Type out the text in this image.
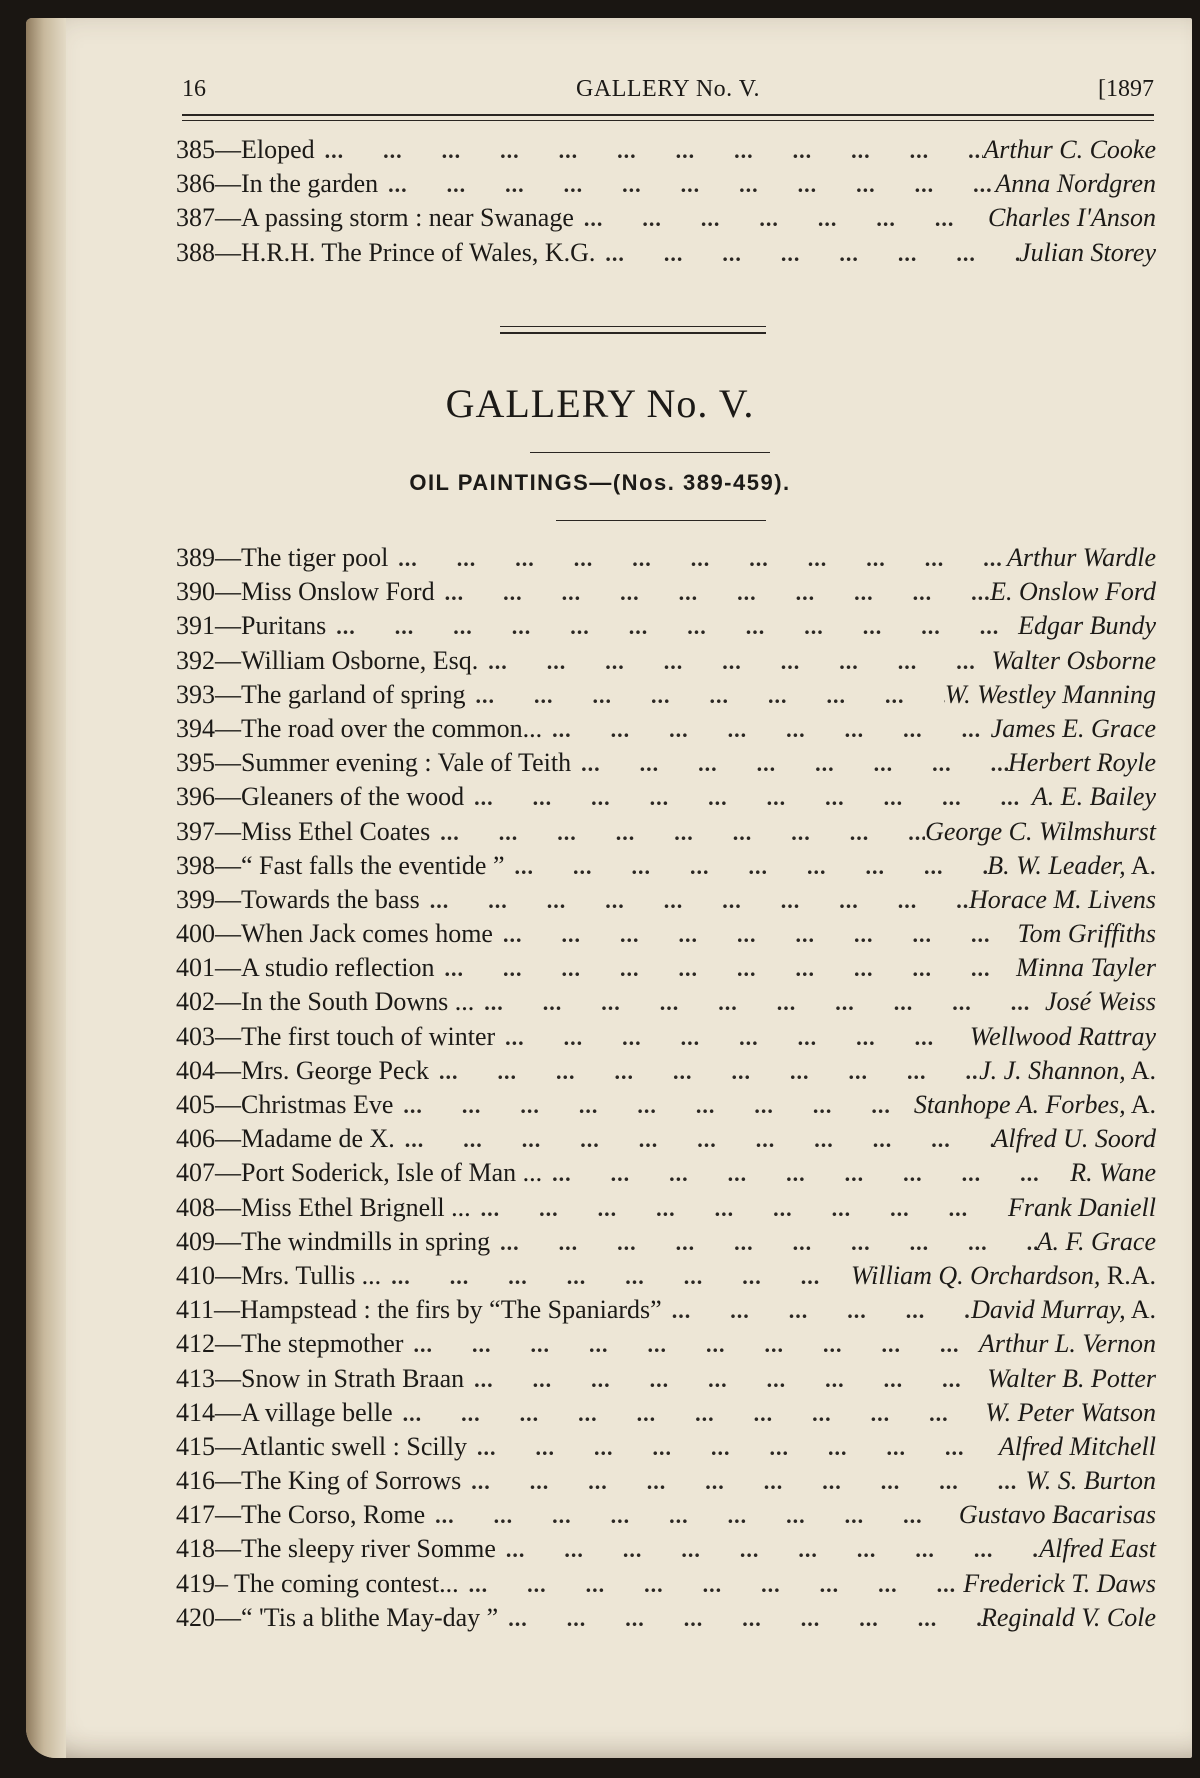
16	GALLERY No. V.	[1897
385 —Eloped ...	Arthur C. Cooke
386 —In the garden ...	Anna Nordgren
387 —A passing storm : near Swanage ...	Charles I'Anson
388 —H.R.H. The Prince of Wales, K.G. ...	Julian Storey
GALLERY No. V.
OIL PAINTINGS—(Nos. 389-459).
389 —The tiger pool ...	Arthur Wardle
390 —Miss Onslow Ford ...	E. Onslow Ford
391 —Puritans ...	Edgar Bundy
392 —William Osborne, Esq. ...	Walter Osborne
393 —The garland of spring ...	W. Westley Manning
394 —The road over the common... ...	James E. Grace
395 —Summer evening : Vale of Teith ...	Herbert Royle
396 —Gleaners of the wood ...	A. E. Bailey
397 —Miss Ethel Coates ...	George C. Wilmshurst
398 —“ Fast falls the eventide ” ...	B. W. Leader, A.
399 —Towards the bass ...	Horace M. Livens
400 —When Jack comes home ...	Tom Griffiths
401 —A studio reflection ...	Minna Tayler
402 —In the South Downs ... ...	José Weiss
403 —The first touch of winter ...	Wellwood Rattray
404 —Mrs. George Peck ...	J. J. Shannon, A.
405 —Christmas Eve ...	Stanhope A. Forbes, A.
406 —Madame de X. ...	Alfred U. Soord
407 —Port Soderick, Isle of Man ... ...	R. Wane
408 —Miss Ethel Brignell ... ...	Frank Daniell
409 —The windmills in spring ...	A. F. Grace
410 —Mrs. Tullis ... ...	William Q. Orchardson, R.A.
411 —Hampstead : the firs by “The Spaniards” ...	David Murray, A.
412 —The stepmother ...	Arthur L. Vernon
413 —Snow in Strath Braan ...	Walter B. Potter
414 —A village belle ...	W. Peter Watson
415 —Atlantic swell : Scilly ...	Alfred Mitchell
416 —The King of Sorrows ...	W. S. Burton
417 —The Corso, Rome ...	Gustavo Bacarisas
418 —The sleepy river Somme ...	Alfred East
419 – The coming contest... ...	Frederick T. Daws
420 —“ 'Tis a blithe May-day ” ...	Reginald V. Cole
